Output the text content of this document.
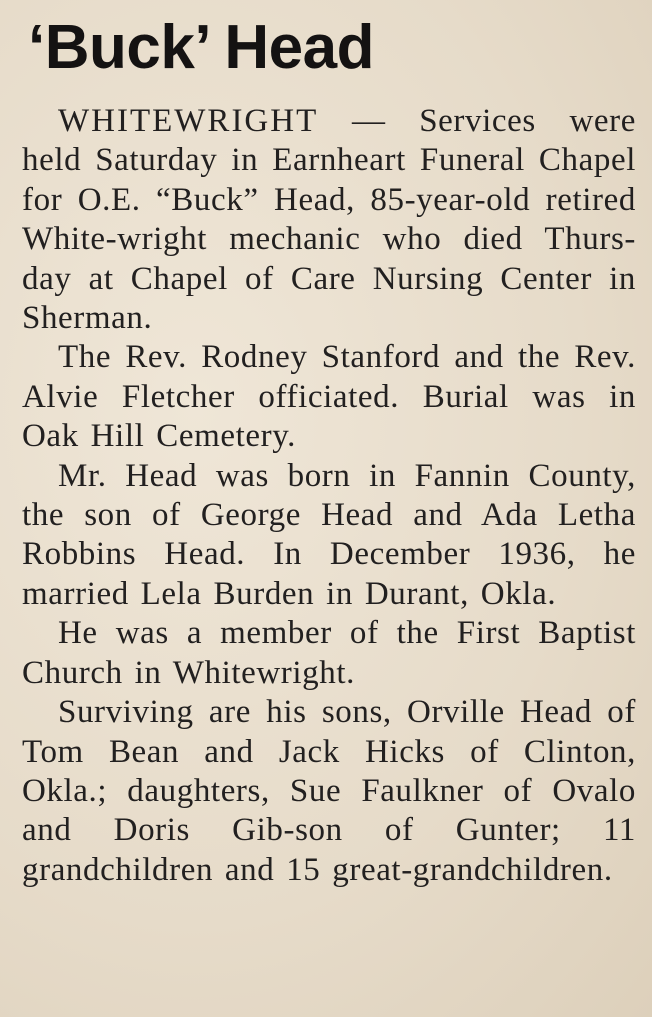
‘Buck’ Head

WHITEWRIGHT — Services were held Saturday in Earnheart Funeral Chapel for O.E. “Buck” Head, 85-year-old retired White-wright mechanic who died Thurs-day at Chapel of Care Nursing Center in Sherman.

The Rev. Rodney Stanford and the Rev. Alvie Fletcher officiated. Burial was in Oak Hill Cemetery.

Mr. Head was born in Fannin County, the son of George Head and Ada Letha Robbins Head. In December 1936, he married Lela Burden in Durant, Okla.

He was a member of the First Baptist Church in Whitewright.

Surviving are his sons, Orville Head of Tom Bean and Jack Hicks of Clinton, Okla.; daughters, Sue Faulkner of Ovalo and Doris Gib-son of Gunter; 11 grandchildren and 15 great-grandchildren.
